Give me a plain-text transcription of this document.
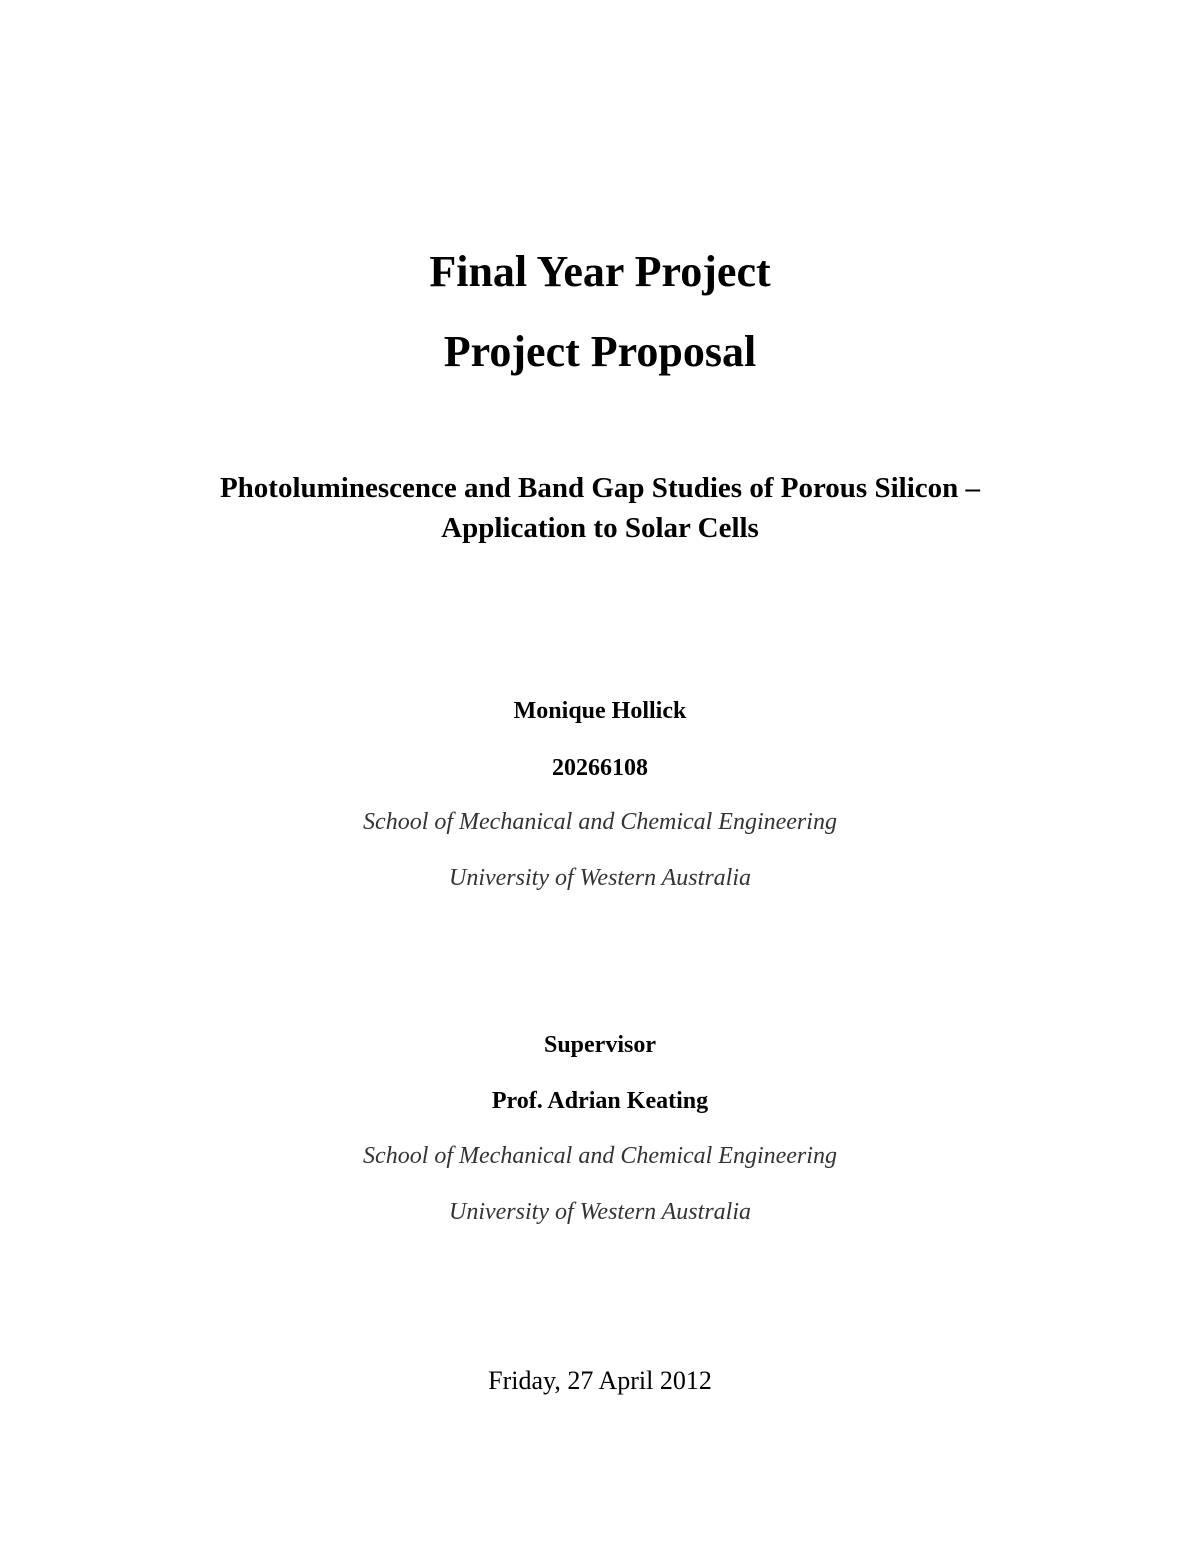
Final Year Project
Project Proposal
Photoluminescence and Band Gap Studies of Porous Silicon –
Application to Solar Cells
Monique Hollick
20266108
School of Mechanical and Chemical Engineering
University of Western Australia
Supervisor
Prof. Adrian Keating
School of Mechanical and Chemical Engineering
University of Western Australia
Friday, 27 April 2012
